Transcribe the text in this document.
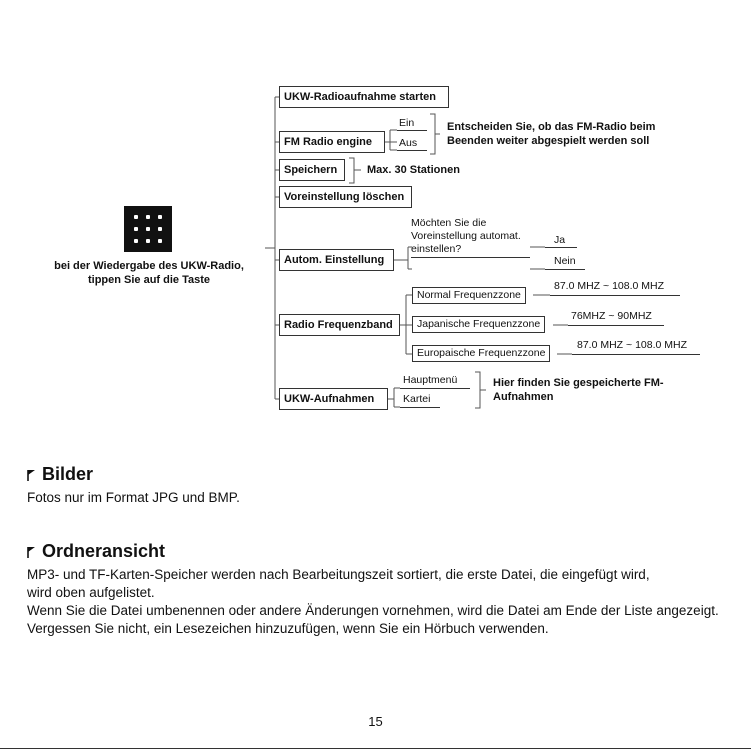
bei der Wiedergabe des UKW-Radio,
tippen Sie auf die Taste
UKW-Radioaufnahme starten
FM Radio engine
Speichern
Voreinstellung löschen
Autom. Einstellung
Radio Frequenzband
UKW-Aufnahmen
Ein
Aus
Entscheiden Sie, ob das FM-Radio beim
Beenden weiter abgespielt werden soll
Max. 30 Stationen
Möchten Sie die
Voreinstellung automat.
einstellen?
Ja
Nein
Normal Frequenzzone
87.0 MHZ ~ 108.0 MHZ
Japanische Frequenzzone
76MHZ ~ 90MHZ
Europaische Frequenzzone
87.0 MHZ ~ 108.0 MHZ
Hauptmenü
Kartei
Hier finden Sie gespeicherte FM-
Aufnahmen
Bilder
Fotos nur im Format JPG und BMP.
Ordneransicht
MP3- und TF-Karten-Speicher werden nach Bearbeitungszeit sortiert, die erste Datei, die eingefügt wird,
wird oben aufgelistet.
Wenn Sie die Datei umbenennen oder andere Änderungen vornehmen, wird die Datei am Ende der Liste angezeigt.
Vergessen Sie nicht, ein Lesezeichen hinzuzufügen, wenn Sie ein Hörbuch verwenden.
15
